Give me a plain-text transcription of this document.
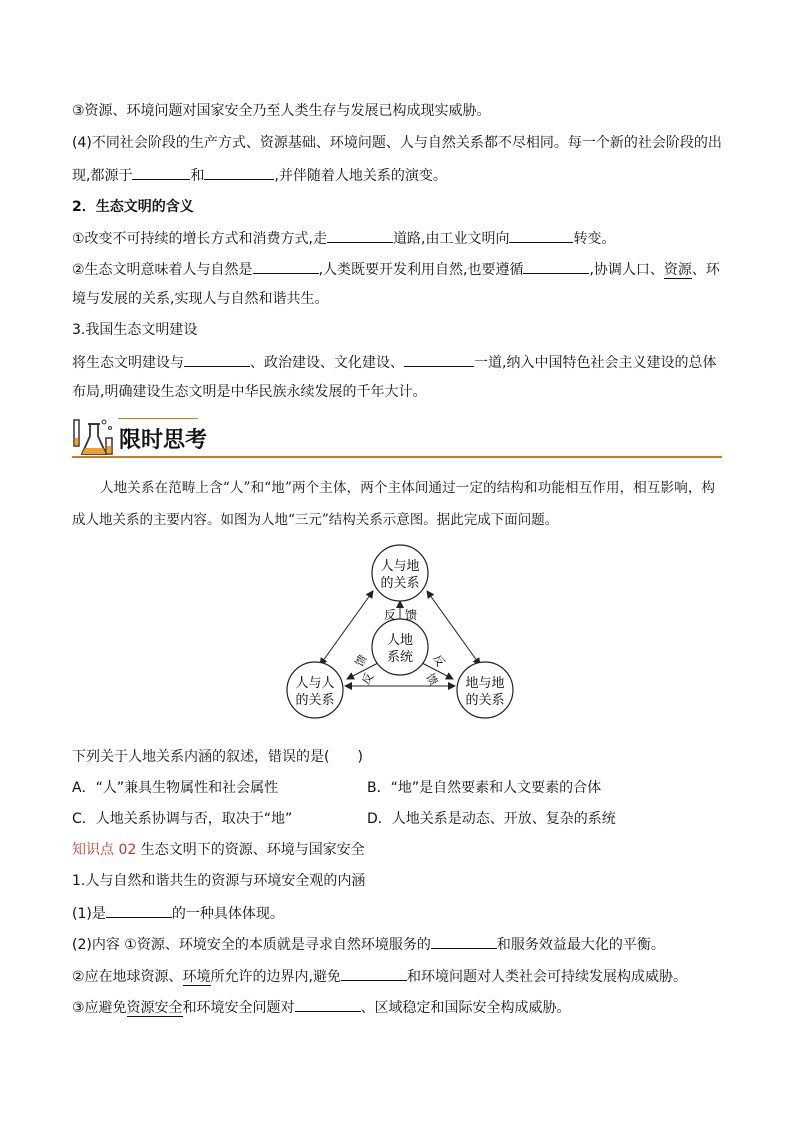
③资源、环境问题对国家安全乃至人类生存与发展已构成现实威胁。
(4)不同社会阶段的生产方式、资源基础、环境问题、人与自然关系都不尽相同。每一个新的社会阶段的出
现,都源于	和	,并伴随着人地关系的演变。
2．生态文明的含义
①改变不可持续的增长方式和消费方式,走	道路,由工业文明向	转变。
②生态文明意味着人与自然是	,人类既要开发利用自然,也要遵循	,协调人口、资源、环
境与发展的关系,实现人与自然和谐共生。
3.我国生态文明建设
将生态文明建设与	、政治建设、文化建设、	一道,纳入中国特色社会主义建设的总体
布局,明确建设生态文明是中华民族永续发展的千年大计。
限时思考
人地关系在范畴上含“人”和“地”两个主体，两个主体间通过一定的结构和功能相互作用，相互影响，构
成人地关系的主要内容。如图为人地“三元”结构关系示意图。据此完成下面问题。
人与地
的关系
人地
系统
人与人
的关系
地与地
的关系
反 馈
馈
反
反
馈
下列关于人地关系内涵的叙述，错误的是(　　)
A．“人”兼具生物属性和社会属性	B．“地”是自然要素和人文要素的合体
C．人地关系协调与否，取决于“地”	D．人地关系是动态、开放、复杂的系统
知识点 02 生态文明下的资源、环境与国家安全
1.人与自然和谐共生的资源与环境安全观的内涵
(1)是	的一种具体体现。
(2)内容 ①资源、环境安全的本质就是寻求自然环境服务的	和服务效益最大化的平衡。
②应在地球资源、环境所允许的边界内,避免	和环境问题对人类社会可持续发展构成威胁。
③应避免资源安全和环境安全问题对	、区域稳定和国际安全构成威胁。
